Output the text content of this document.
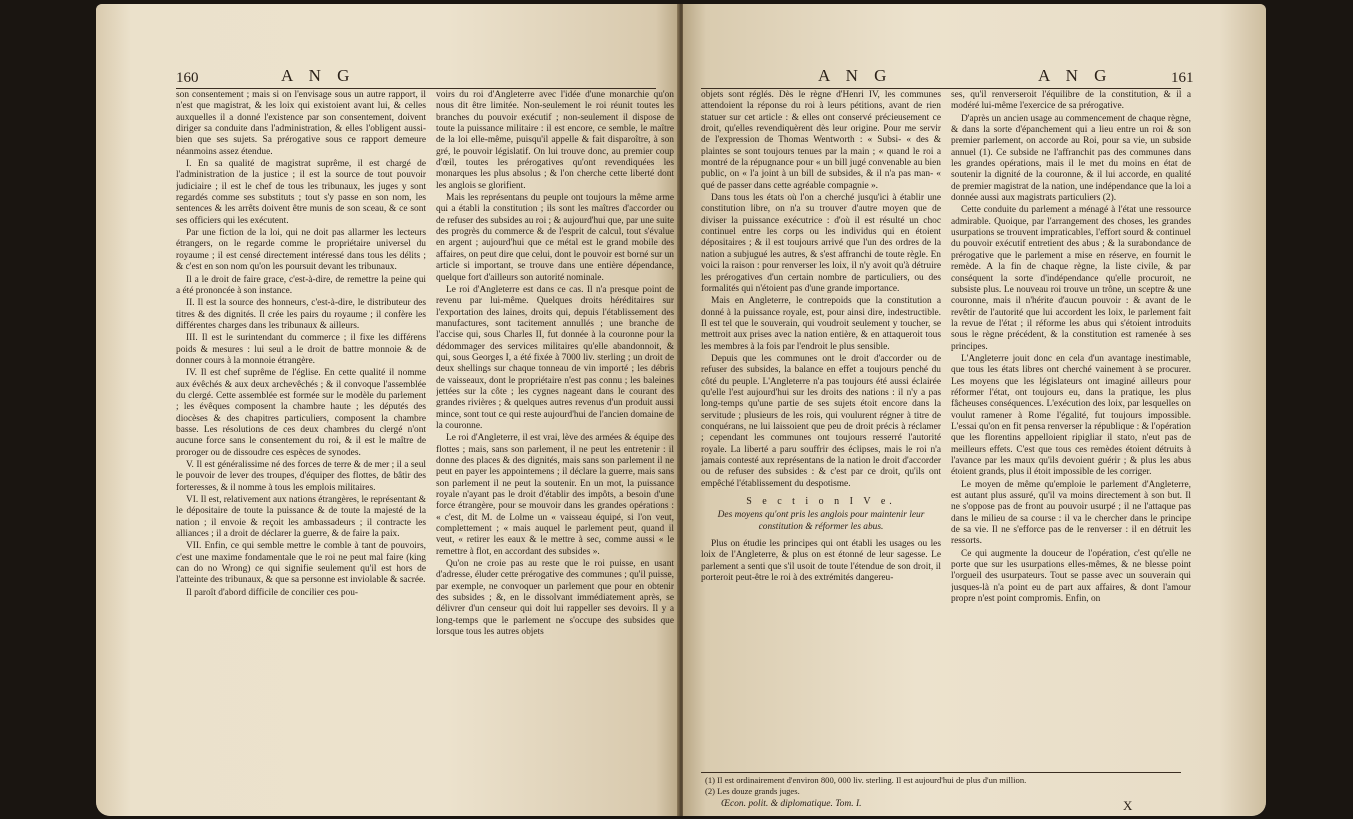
160	A N G

son consentement ; mais si on l'envisage sous un autre rapport, il n'est que magistrat, & les loix qui existoient avant lui, & celles auxquelles il a donné l'existence par son consentement, doivent diriger sa conduite dans l'administration, & elles l'obligent aussi-bien que ses sujets. Sa prérogative sous ce rapport demeure néanmoins assez étendue.

I. En sa qualité de magistrat suprême, il est chargé de l'administration de la justice ; il est la source de tout pouvoir judiciaire ; il est le chef de tous les tribunaux, les juges y sont regardés comme ses substituts ; tout s'y passe en son nom, les sentences & les arrêts doivent être munis de son sceau, & ce sont ses officiers qui les exécutent.

Par une fiction de la loi, qui ne doit pas allarmer les lecteurs étrangers, on le regarde comme le propriétaire universel du royaume ; il est censé directement intéressé dans tous les délits ; & c'est en son nom qu'on les poursuit devant les tribunaux.

Il a le droit de faire grace, c'est-à-dire, de remettre la peine qui a été prononcée à son instance.

II. Il est la source des honneurs, c'est-à-dire, le distributeur des titres & des dignités. Il crée les pairs du royaume ; il confère les différentes charges dans les tribunaux & ailleurs.

III. Il est le surintendant du commerce ; il fixe les différens poids & mesures : lui seul a le droit de battre monnoie & de donner cours à la monnoie étrangère.

IV. Il est chef suprême de l'église. En cette qualité il nomme aux évêchés & aux deux archevêchés ; & il convoque l'assemblée du clergé. Cette assemblée est formée sur le modèle du parlement ; les évêques composent la chambre haute ; les députés des diocèses & des chapitres particuliers, composent la chambre basse. Les résolutions de ces deux chambres du clergé n'ont aucune force sans le consentement du roi, & il est le maître de proroger ou de dissoudre ces espèces de synodes.

V. Il est généralissime né des forces de terre & de mer ; il a seul le pouvoir de lever des troupes, d'équiper des flottes, de bâtir des forteresses, & il nomme à tous les emplois militaires.

VI. Il est, relativement aux nations étrangères, le représentant & le dépositaire de toute la puissance & de toute la majesté de la nation ; il envoie & reçoit les ambassadeurs ; il contracte les alliances ; il a droit de déclarer la guerre, & de faire la paix.

VII. Enfin, ce qui semble mettre le comble à tant de pouvoirs, c'est une maxime fondamentale que le roi ne peut mal faire (king can do no Wrong) ce qui signifie seulement qu'il est hors de l'atteinte des tribunaux, & que sa personne est inviolable & sacrée.

Il paroît d'abord difficile de concilier ces pou-

voirs du roi d'Angleterre avec l'idée d'une monarchie qu'on nous dit être limitée. Non-seulement le roi réunit toutes les branches du pouvoir exécutif ; non-seulement il dispose de toute la puissance militaire : il est encore, ce semble, le maître de la loi elle-même, puisqu'il appelle & fait disparoître, à son gré, le pouvoir législatif. On lui trouve donc, au premier coup d'œil, toutes les prérogatives qu'ont revendiquées les monarques les plus absolus ; & l'on cherche cette liberté dont les anglois se glorifient.

Mais les représentans du peuple ont toujours la même arme qui a établi la constitution ; ils sont les maîtres d'accorder ou de refuser des subsides au roi ; & aujourd'hui que, par une suite des progrès du commerce & de l'esprit de calcul, tout s'évalue en argent ; aujourd'hui que ce métal est le grand mobile des affaires, on peut dire que celui, dont le pouvoir est borné sur un article si important, se trouve dans une entière dépendance, quelque fort d'ailleurs son autorité nominale.

Le roi d'Angleterre est dans ce cas. Il n'a presque point de revenu par lui-même. Quelques droits héréditaires sur l'exportation des laines, droits qui, depuis l'établissement des manufactures, sont tacitement annullés ; une branche de l'accise qui, sous Charles II, fut donnée à la couronne pour la dédommager des services militaires qu'elle abandonnoit, & qui, sous Georges I, a été fixée à 7000 liv. sterling ; un droit de deux shellings sur chaque tonneau de vin importé ; les débris de vaisseaux, dont le propriétaire n'est pas connu ; les baleines jettées sur la côte ; les cygnes nageant dans le courant des grandes rivières ; & quelques autres revenus d'un produit aussi mince, sont tout ce qui reste aujourd'hui de l'ancien domaine de la couronne.

Le roi d'Angleterre, il est vrai, lève des armées & équipe des flottes ; mais, sans son parlement, il ne peut les entretenir : il donne des places & des dignités, mais sans son parlement il ne peut en payer les appointemens ; il déclare la guerre, mais sans son parlement il ne peut la soutenir. En un mot, la puissance royale n'ayant pas le droit d'établir des impôts, a besoin d'une force étrangère, pour se mouvoir dans les grandes opérations : « c'est, dit M. de Lolme un « vaisseau équipé, si l'on veut, complettement ; « mais auquel le parlement peut, quand il veut, « retirer les eaux & le mettre à sec, comme aussi « le remettre à flot, en accordant des subsides ».

Qu'on ne croie pas au reste que le roi puisse, en usant d'adresse, éluder cette prérogative des communes ; qu'il puisse, par exemple, ne convoquer un parlement que pour en obtenir des subsides ; &, en le dissolvant immédiatement après, se délivrer d'un censeur qui doit lui rappeller ses devoirs. Il y a long-temps que le parlement ne s'occupe des subsides que lorsque tous les autres objets

A N G	A N G	161

objets sont réglés. Dès le règne d'Henri IV, les communes attendoient la réponse du roi à leurs pétitions, avant de rien statuer sur cet article : & elles ont conservé précieusement ce droit, qu'elles revendiquèrent dès leur origine. Pour me servir de l'expression de Thomas Wentworth : « Subsi- « des & plaintes se sont toujours tenues par la main ; « quand le roi a montré de la répugnance pour « un bill jugé convenable au bien public, on « l'a joint à un bill de subsides, & il n'a pas man- « qué de passer dans cette agréable compagnie ».

Dans tous les états où l'on a cherché jusqu'ici à établir une constitution libre, on n'a su trouver d'autre moyen que de diviser la puissance exécutrice : d'où il est résulté un choc continuel entre les corps ou les individus qui en étoient dépositaires ; & il est toujours arrivé que l'un des ordres de la nation a subjugué les autres, & s'est affranchi de toute règle. En voici la raison : pour renverser les loix, il n'y avoit qu'à détruire les prérogatives d'un certain nombre de particuliers, ou des formalités qui n'étoient pas d'une grande importance.

Mais en Angleterre, le contrepoids que la constitution a donné à la puissance royale, est, pour ainsi dire, indestructible. Il est tel que le souverain, qui voudroit seulement y toucher, se mettroit aux prises avec la nation entière, & en attaqueroit tous les membres à la fois par l'endroit le plus sensible.

Depuis que les communes ont le droit d'accorder ou de refuser des subsides, la balance en effet a toujours penché du côté du peuple. L'Angleterre n'a pas toujours été aussi éclairée qu'elle l'est aujourd'hui sur les droits des nations : il n'y a pas long-temps qu'une partie de ses sujets étoit encore dans la servitude ; plusieurs de les rois, qui voulurent régner à titre de conquérans, ne lui laissoient que peu de droit précis à réclamer ; cependant les communes ont toujours resserré l'autorité royale. La liberté a paru souffrir des éclipses, mais le roi n'a jamais contesté aux représentans de la nation le droit d'accorder ou de refuser des subsides : & c'est par ce droit, qu'ils ont empêché l'établissement du despotisme.

S e c t i o n I V e.

Des moyens qu'ont pris les anglois pour maintenir leur constitution & réformer les abus.

Plus on étudie les principes qui ont établi les usages ou les loix de l'Angleterre, & plus on est étonné de leur sagesse. Le parlement a senti que s'il usoit de toute l'étendue de son droit, il porteroit peut-être le roi à des extrémités dangereu-

ses, qu'il renverseroit l'équilibre de la constitution, & il a modéré lui-même l'exercice de sa prérogative.

D'après un ancien usage au commencement de chaque règne, & dans la sorte d'épanchement qui a lieu entre un roi & son premier parlement, on accorde au Roi, pour sa vie, un subside annuel (1). Ce subside ne l'affranchit pas des communes dans les grandes opérations, mais il le met du moins en état de soutenir la dignité de la couronne, & il lui accorde, en qualité de premier magistrat de la nation, une indépendance que la loi a donnée aussi aux magistrats particuliers (2).

Cette conduite du parlement a ménagé à l'état une ressource admirable. Quoique, par l'arrangement des choses, les grandes usurpations se trouvent impraticables, l'effort sourd & continuel du pouvoir exécutif entretient des abus ; & la surabondance de prérogative que le parlement a mise en réserve, en fournit le remède. A la fin de chaque règne, la liste civile, & par conséquent la sorte d'indépendance qu'elle procuroit, ne subsiste plus. Le nouveau roi trouve un trône, un sceptre & une couronne, mais il n'hérite d'aucun pouvoir : & avant de le revêtir de l'autorité que lui accordent les loix, le parlement fait la revue de l'état ; il réforme les abus qui s'étoient introduits sous le règne précédent, & la constitution est ramenée à ses principes.

L'Angleterre jouit donc en cela d'un avantage inestimable, que tous les états libres ont cherché vainement à se procurer. Les moyens que les législateurs ont imaginé ailleurs pour réformer l'état, ont toujours eu, dans la pratique, les plus fâcheuses conséquences. L'exécution des loix, par lesquelles on voulut ramener à Rome l'égalité, fut toujours impossible. L'essai qu'on en fit pensa renverser la république : & l'opération que les florentins appelloient ripigliar il stato, n'eut pas de meilleurs effets. C'est que tous ces remèdes étoient détruits à l'avance par les maux qu'ils devoient guérir ; & plus les abus étoient grands, plus il étoit impossible de les corriger.

Le moyen de même qu'emploie le parlement d'Angleterre, est autant plus assuré, qu'il va moins directement à son but. Il ne s'oppose pas de front au pouvoir usurpé ; il ne l'attaque pas dans le milieu de sa course : il va le chercher dans le principe de sa vie. Il ne s'efforce pas de le renverser : il en détruit les ressorts.

Ce qui augmente la douceur de l'opération, c'est qu'elle ne porte que sur les usurpations elles-mêmes, & ne blesse point l'orgueil des usurpateurs. Tout se passe avec un souverain qui jusques-là n'a point eu de part aux affaires, & dont l'amour propre n'est point compromis. Enfin, on

(1) Il est ordinairement d'environ 800, 000 liv. sterling. Il est aujourd'hui de plus d'un million.

(2) Les douze grands juges.

Œcon. polit. & diplomatique. Tom. I.	X
